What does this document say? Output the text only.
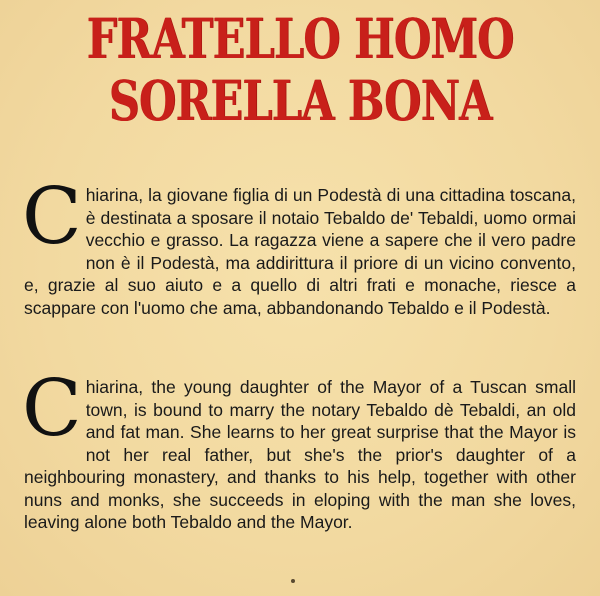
FRATELLO HOMO
SORELLA BONA

C hiarina, la giovane figlia di un Podestà di una cittadina toscana, è destinata a sposare il notaio Tebaldo de' Tebaldi, uomo ormai vecchio e grasso. La ragazza viene a sapere che il vero padre non è il Podestà, ma addirittura il priore di un vicino convento, e, grazie al suo aiuto e a quello di altri frati e monache, riesce a scappare con l'uomo che ama, abbandonando Tebaldo e il Podestà.

C hiarina, the young daughter of the Mayor of a Tuscan small town, is bound to marry the notary Tebaldo dè Tebaldi, an old and fat man. She learns to her great surprise that the Mayor is not her real father, but she's the prior's daughter of a neighbouring monastery, and thanks to his help, together with other nuns and monks, she succeeds in eloping with the man she loves, leaving alone both Tebaldo and the Mayor.
